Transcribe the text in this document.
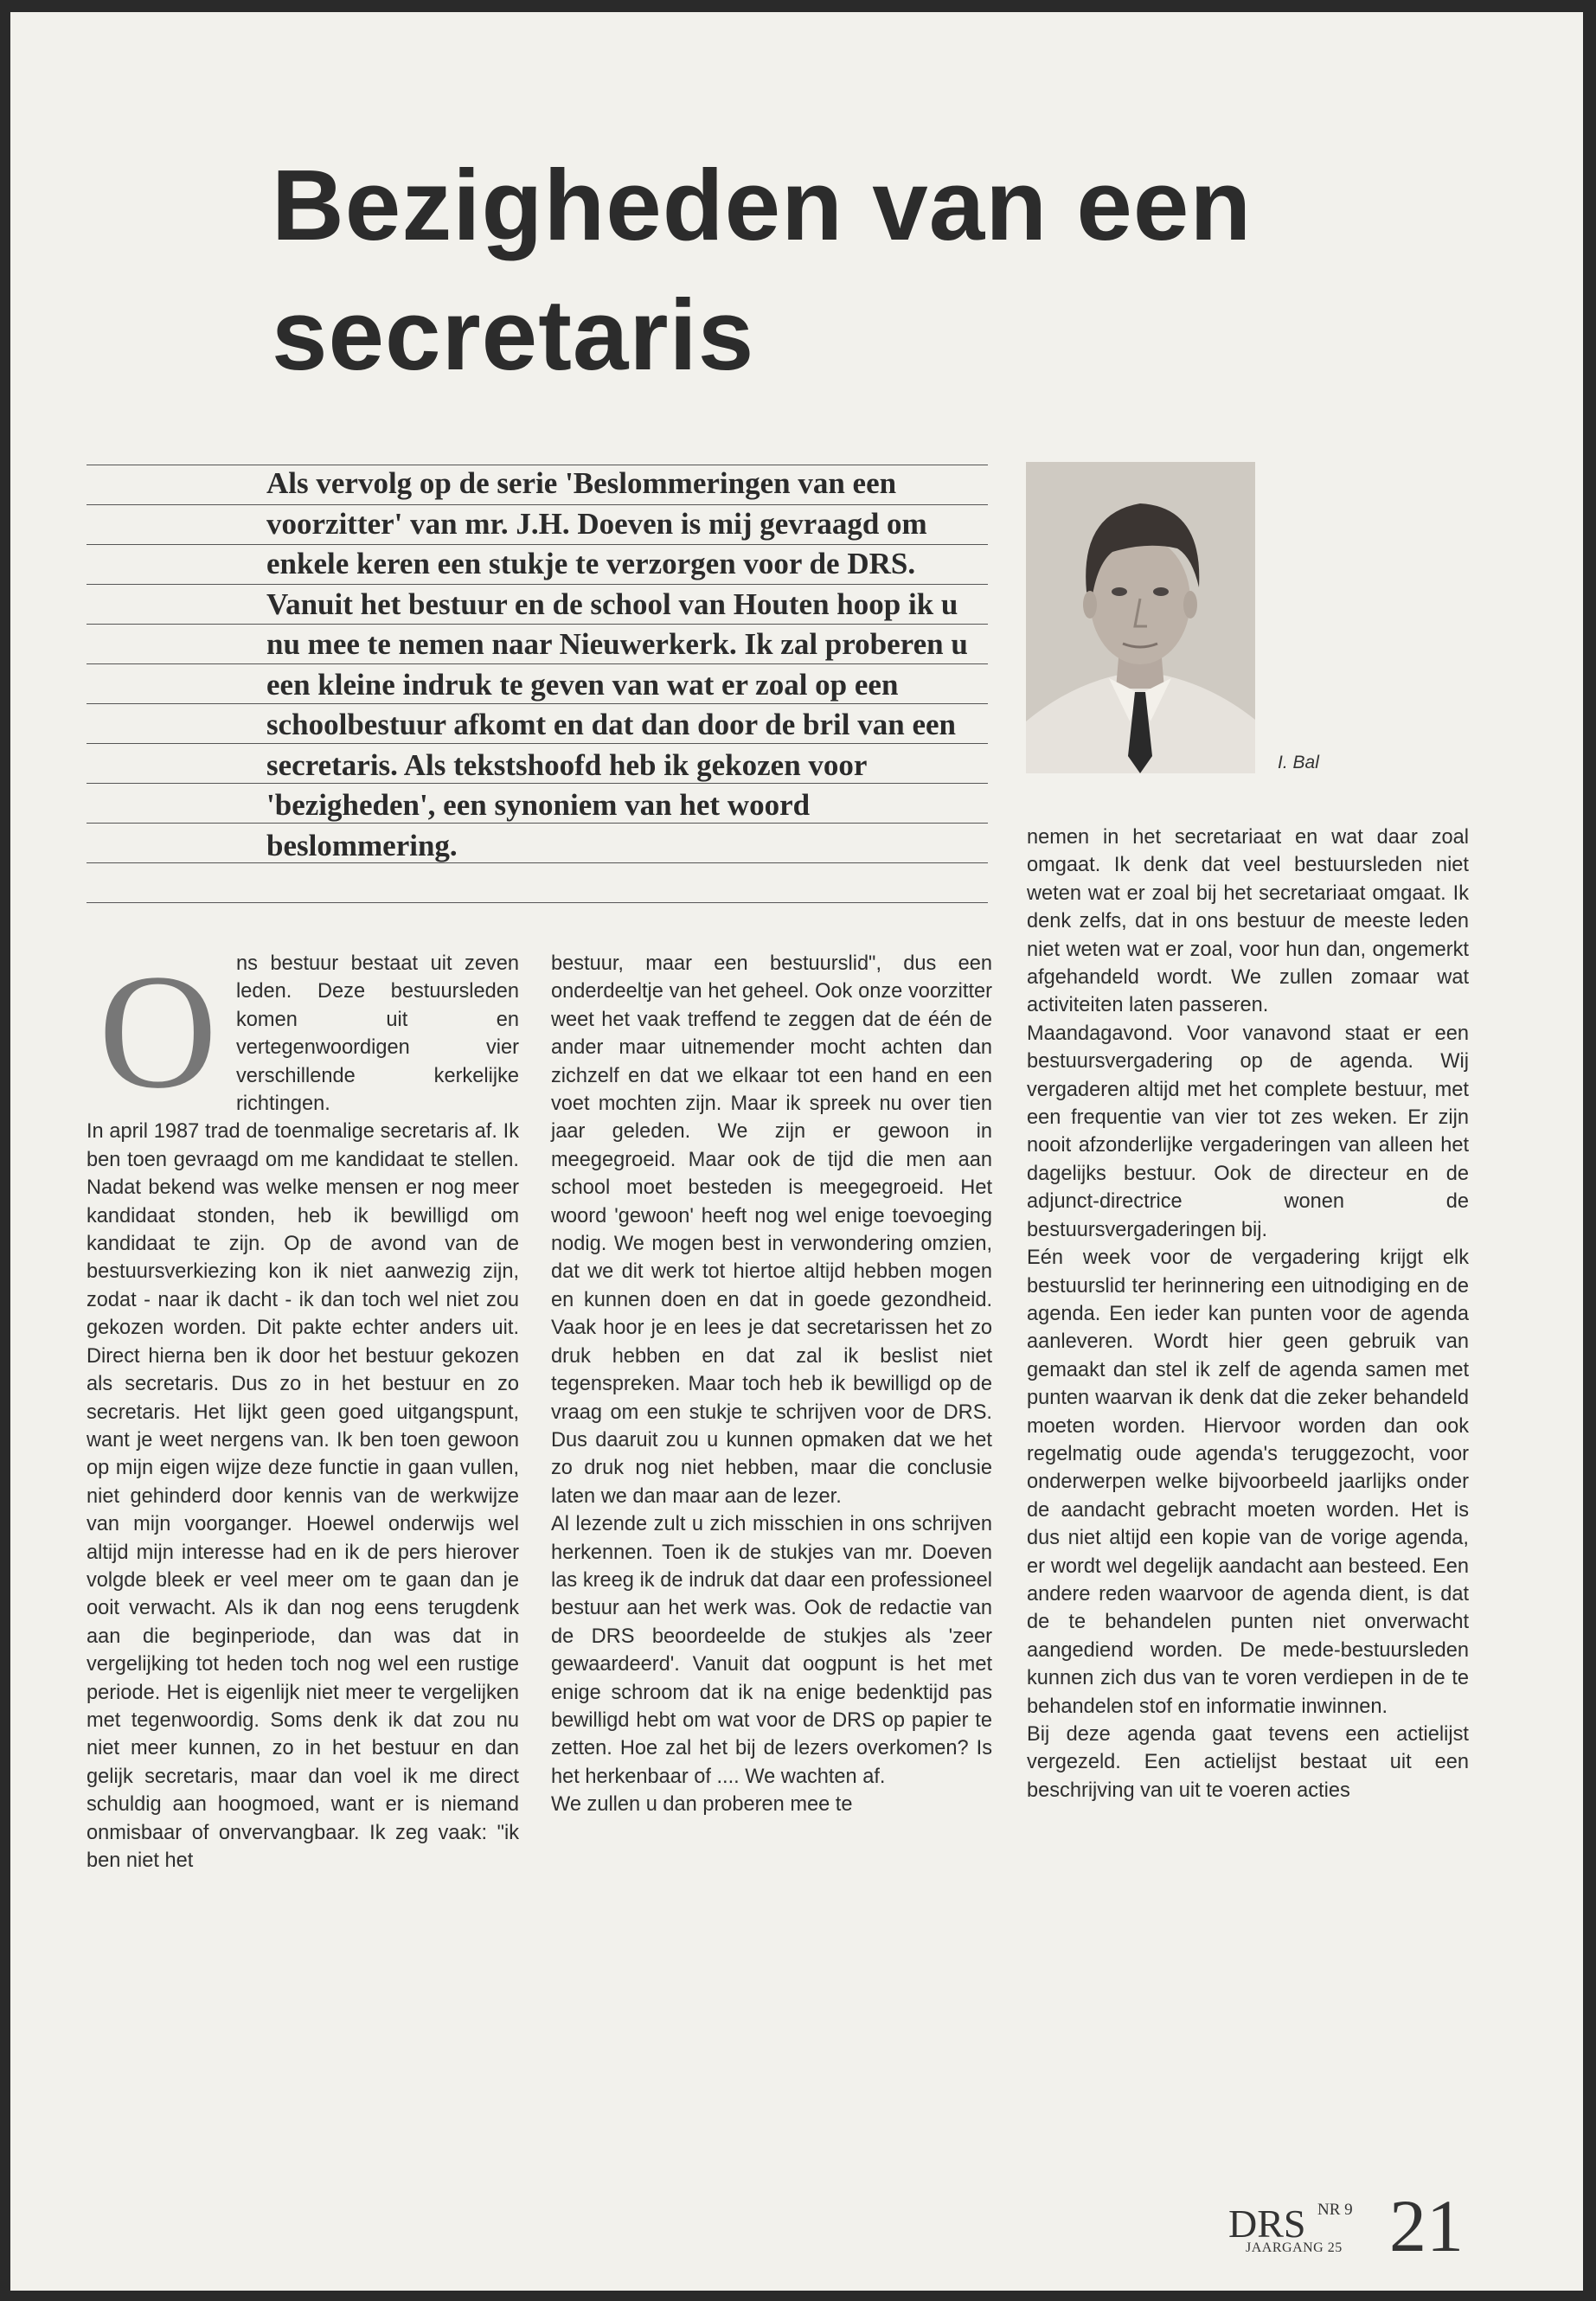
Bezigheden van een secretaris

Als vervolg op de serie 'Beslommeringen van een voorzitter' van mr. J.H. Doeven is mij gevraagd om enkele keren een stukje te verzorgen voor de DRS. Vanuit het bestuur en de school van Houten hoop ik u nu mee te nemen naar Nieuwerkerk. Ik zal proberen u een kleine indruk te geven van wat er zoal op een schoolbestuur afkomt en dat dan door de bril van een secretaris. Als tekstshoofd heb ik gekozen voor 'bezigheden', een synoniem van het woord beslommering.

I. Bal

Ons bestuur bestaat uit zeven leden. Deze bestuursleden komen uit en vertegenwoordigen vier verschillende kerkelijke richtingen.

In april 1987 trad de toenmalige secretaris af. Ik ben toen gevraagd om me kandidaat te stellen. Nadat bekend was welke mensen er nog meer kandidaat stonden, heb ik bewilligd om kandidaat te zijn. Op de avond van de bestuursverkiezing kon ik niet aanwezig zijn, zodat - naar ik dacht - ik dan toch wel niet zou gekozen worden. Dit pakte echter anders uit. Direct hierna ben ik door het bestuur gekozen als secretaris. Dus zo in het bestuur en zo secretaris. Het lijkt geen goed uitgangspunt, want je weet nergens van. Ik ben toen gewoon op mijn eigen wijze deze functie in gaan vullen, niet gehinderd door kennis van de werkwijze van mijn voorganger. Hoewel onderwijs wel altijd mijn interesse had en ik de pers hierover volgde bleek er veel meer om te gaan dan je ooit verwacht. Als ik dan nog eens terugdenk aan die beginperiode, dan was dat in vergelijking tot heden toch nog wel een rustige periode. Het is eigenlijk niet meer te vergelijken met tegenwoordig. Soms denk ik dat zou nu niet meer kunnen, zo in het bestuur en dan gelijk secretaris, maar dan voel ik me direct schuldig aan hoogmoed, want er is niemand onmisbaar of onvervangbaar. Ik zeg vaak: "ik ben niet het

bestuur, maar een bestuurslid", dus een onderdeeltje van het geheel. Ook onze voorzitter weet het vaak treffend te zeggen dat de één de ander maar uitnemender mocht achten dan zichzelf en dat we elkaar tot een hand en een voet mochten zijn. Maar ik spreek nu over tien jaar geleden. We zijn er gewoon in meegegroeid. Maar ook de tijd die men aan school moet besteden is meegegroeid. Het woord 'gewoon' heeft nog wel enige toevoeging nodig. We mogen best in verwondering omzien, dat we dit werk tot hiertoe altijd hebben mogen en kunnen doen en dat in goede gezondheid. Vaak hoor je en lees je dat secretarissen het zo druk hebben en dat zal ik beslist niet tegenspreken. Maar toch heb ik bewilligd op de vraag om een stukje te schrijven voor de DRS. Dus daaruit zou u kunnen opmaken dat we het zo druk nog niet hebben, maar die conclusie laten we dan maar aan de lezer.

Al lezende zult u zich misschien in ons schrijven herkennen. Toen ik de stukjes van mr. Doeven las kreeg ik de indruk dat daar een professioneel bestuur aan het werk was. Ook de redactie van de DRS beoordeelde de stukjes als 'zeer gewaardeerd'. Vanuit dat oogpunt is het met enige schroom dat ik na enige bedenktijd pas bewilligd hebt om wat voor de DRS op papier te zetten. Hoe zal het bij de lezers overkomen? Is het herkenbaar of .... We wachten af.

We zullen u dan proberen mee te

nemen in het secretariaat en wat daar zoal omgaat. Ik denk dat veel bestuursleden niet weten wat er zoal bij het secretariaat omgaat. Ik denk zelfs, dat in ons bestuur de meeste leden niet weten wat er zoal, voor hun dan, ongemerkt afgehandeld wordt. We zullen zomaar wat activiteiten laten passeren.

Maandagavond. Voor vanavond staat er een bestuursvergadering op de agenda. Wij vergaderen altijd met het complete bestuur, met een frequentie van vier tot zes weken. Er zijn nooit afzonderlijke vergaderingen van alleen het dagelijks bestuur. Ook de directeur en de adjunct-directrice wonen de bestuursvergaderingen bij.

Eén week voor de vergadering krijgt elk bestuurslid ter herinnering een uitnodiging en de agenda. Een ieder kan punten voor de agenda aanleveren. Wordt hier geen gebruik van gemaakt dan stel ik zelf de agenda samen met punten waarvan ik denk dat die zeker behandeld moeten worden. Hiervoor worden dan ook regelmatig oude agenda's teruggezocht, voor onderwerpen welke bijvoorbeeld jaarlijks onder de aandacht gebracht moeten worden. Het is dus niet altijd een kopie van de vorige agenda, er wordt wel degelijk aandacht aan besteed. Een andere reden waarvoor de agenda dient, is dat de te behandelen punten niet onverwacht aangediend worden. De mede-bestuursleden kunnen zich dus van te voren verdiepen in de te behandelen stof en informatie inwinnen.

Bij deze agenda gaat tevens een actielijst vergezeld. Een actielijst bestaat uit een beschrijving van uit te voeren acties

DRS NR 9
JAARGANG 25 21
